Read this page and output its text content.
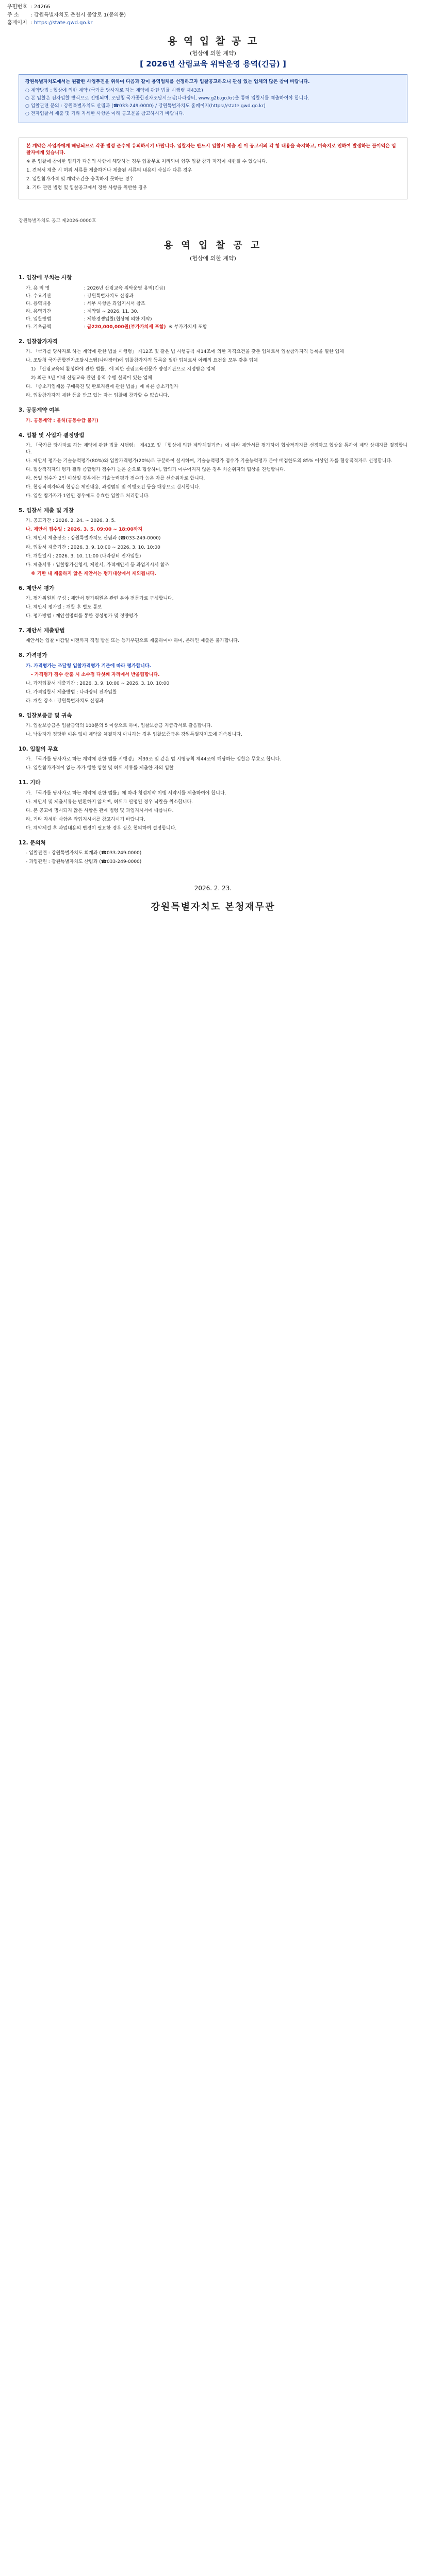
우편번호 : 24266
주 소 : 강원특별자치도 춘천시 중앙로 1(봉의동)
홈페이지 : https://state.gwd.go.kr
용 역 입 찰 공 고
(협상에 의한 계약)
[ 2026년 산림교육 위탁운영 용역(긴급) ]
강원특별자치도에서는 원활한 사업추진을 위하여 다음과 같이 용역업체를 선정하고자 입찰공고하오니 관심 있는 업체의 많은 참여 바랍니다.

○ 계약방법 : 협상에 의한 계약 (국가를 당사자로 하는 계약에 관한 법률 시행령 제43조)

○ 본 입찰은 전자입찰 방식으로 진행되며, 조달청 국가종합전자조달시스템(나라장터, www.g2b.go.kr)을 통해 입찰서를 제출하여야 합니다.

○ 입찰관련 문의 : 강원특별자치도 산림과 (☎033-249-0000) / 강원특별자치도 홈페이지(https://state.gwd.go.kr)

○ 전자입찰서 제출 및 기타 자세한 사항은 아래 공고문을 참고하시기 바랍니다.

본 계약은 사업자에게 해당되므로 각종 법령 준수에 유의하시기 바랍니다. 입찰자는 반드시 입찰서 제출 전 이 공고서의 각 항 내용을 숙지하고, 미숙지로 인하여 발생하는 불이익은 입찰자에게 있습니다.

※ 본 입찰에 참여한 업체가 다음의 사항에 해당하는 경우 입찰무효 처리되며 향후 입찰 참가 자격이 제한될 수 있습니다.

1. 견적서 제출 시 허위 서류를 제출하거나 제출된 서류의 내용이 사실과 다른 경우

2. 입찰참가자격 및 계약조건을 충족하지 못하는 경우

3. 기타 관련 법령 및 입찰공고에서 정한 사항을 위반한 경우

강원특별자치도 공고 제2026-0000호
용 역 입 찰 공 고
(협상에 의한 계약)
1. 입찰에 부치는 사항
가. 용 역 명	: 2026년 산림교육 위탁운영 용역(긴급)
나. 수요기관	: 강원특별자치도 산림과
다. 용역내용	: 세부 사항은 과업지시서 참조
라. 용역기간	: 계약일 ~ 2026. 11. 30.
마. 입찰방법	: 제한경쟁입찰(협상에 의한 계약)
바. 기초금액	: 금220,000,000원(부가가치세 포함) ※ 부가가치세 포함
2. 입찰참가자격
가. 「국가를 당사자로 하는 계약에 관한 법률 시행령」 제12조 및 같은 법 시행규칙 제14조에 의한 자격요건을 갖춘 업체로서 입찰참가자격 등록을 필한 업체
나. 조달청 국가종합전자조달시스템(나라장터)에 입찰참가자격 등록을 필한 업체로서 아래의 요건을 모두 갖춘 업체
1) 「산림교육의 활성화에 관한 법률」에 의한 산림교육전문가 양성기관으로 지정받은 업체
2) 최근 3년 이내 산림교육 관련 용역 수행 실적이 있는 업체
다. 「중소기업제품 구매촉진 및 판로지원에 관한 법률」에 따른 중소기업자
라. 입찰참가자격 제한 등을 받고 있는 자는 입찰에 참가할 수 없습니다.
3. 공동계약 여부
가. 공동계약 : 불허(공동수급 불가)
4. 입찰 및 사업자 결정방법
가. 「국가를 당사자로 하는 계약에 관한 법률 시행령」 제43조 및 「협상에 의한 계약체결기준」에 따라 제안서를 평가하여 협상적격자를 선정하고 협상을 통하여 계약 상대자를 결정합니다.
나. 제안서 평가는 기술능력평가(80%)와 입찰가격평가(20%)로 구분하여 실시하며, 기술능력평가 점수가 기술능력평가 분야 배점한도의 85% 이상인 자를 협상적격자로 선정합니다.
다. 협상적격자의 평가 결과 종합평가 점수가 높은 순으로 협상하며, 합의가 이루어지지 않은 경우 차순위자와 협상을 진행합니다.
라. 동일 점수가 2인 이상일 경우에는 기술능력평가 점수가 높은 자를 선순위자로 합니다.
마. 협상적격자와의 협상은 제안내용, 과업범위 및 이행조건 등을 대상으로 실시합니다.
바. 입찰 참가자가 1인인 경우에도 유효한 입찰로 처리합니다.
5. 입찰서 제출 및 개찰
가. 공고기간 : 2026. 2. 24. ~ 2026. 3. 5.
나. 제안서 접수일 : 2026. 3. 5. 09:00 ~ 18:00까지
다. 제안서 제출장소 : 강원특별자치도 산림과 (☎033-249-0000)
라. 입찰서 제출기간 : 2026. 3. 9. 10:00 ~ 2026. 3. 10. 10:00
마. 개찰일시 : 2026. 3. 10. 11:00 (나라장터 전자입찰)
바. 제출서류 : 입찰참가신청서, 제안서, 가격제안서 등 과업지시서 참조
※ 기한 내 제출하지 않은 제안서는 평가대상에서 제외됩니다.
6. 제안서 평가
가. 평가위원회 구성 : 제안서 평가위원은 관련 분야 전문가로 구성합니다.
나. 제안서 평가일 : 개찰 후 별도 통보
다. 평가방법 : 제안설명회를 통한 정성평가 및 정량평가
7. 제안서 제출방법
제안서는 입찰 마감일 이전까지 직접 방문 또는 등기우편으로 제출하여야 하며, 온라인 제출은 불가합니다.
8. 가격평가
가. 가격평가는 조달청 입찰가격평가 기준에 따라 평가합니다.
- 가격평가 점수 산출 시 소수점 다섯째 자리에서 반올림합니다.
나. 가격입찰서 제출기간 : 2026. 3. 9. 10:00 ~ 2026. 3. 10. 10:00
다. 가격입찰서 제출방법 : 나라장터 전자입찰
라. 개찰 장소 : 강원특별자치도 산림과
9. 입찰보증금 및 귀속
가. 입찰보증금은 입찰금액의 100분의 5 이상으로 하며, 입찰보증금 지급각서로 갈음합니다.
나. 낙찰자가 정당한 이유 없이 계약을 체결하지 아니하는 경우 입찰보증금은 강원특별자치도에 귀속됩니다.
10. 입찰의 무효
가. 「국가를 당사자로 하는 계약에 관한 법률 시행령」 제39조 및 같은 법 시행규칙 제44조에 해당하는 입찰은 무효로 합니다.
나. 입찰참가자격이 없는 자가 행한 입찰 및 허위 서류를 제출한 자의 입찰
11. 기타
가. 「국가를 당사자로 하는 계약에 관한 법률」에 따라 청렴계약 이행 서약서를 제출하여야 합니다.
나. 제안서 및 제출서류는 반환하지 않으며, 허위로 판명된 경우 낙찰을 취소합니다.
다. 본 공고에 명시되지 않은 사항은 관계 법령 및 과업지시서에 따릅니다.
라. 기타 자세한 사항은 과업지시서를 참고하시기 바랍니다.
마. 계약체결 후 과업내용의 변경이 필요한 경우 상호 협의하여 결정합니다.
12. 문의처
- 입찰관련 : 강원특별자치도 회계과 (☎033-249-0000)
- 과업관련 : 강원특별자치도 산림과 (☎033-249-0000)
2026. 2. 23.
강원특별자치도 본청재무관
